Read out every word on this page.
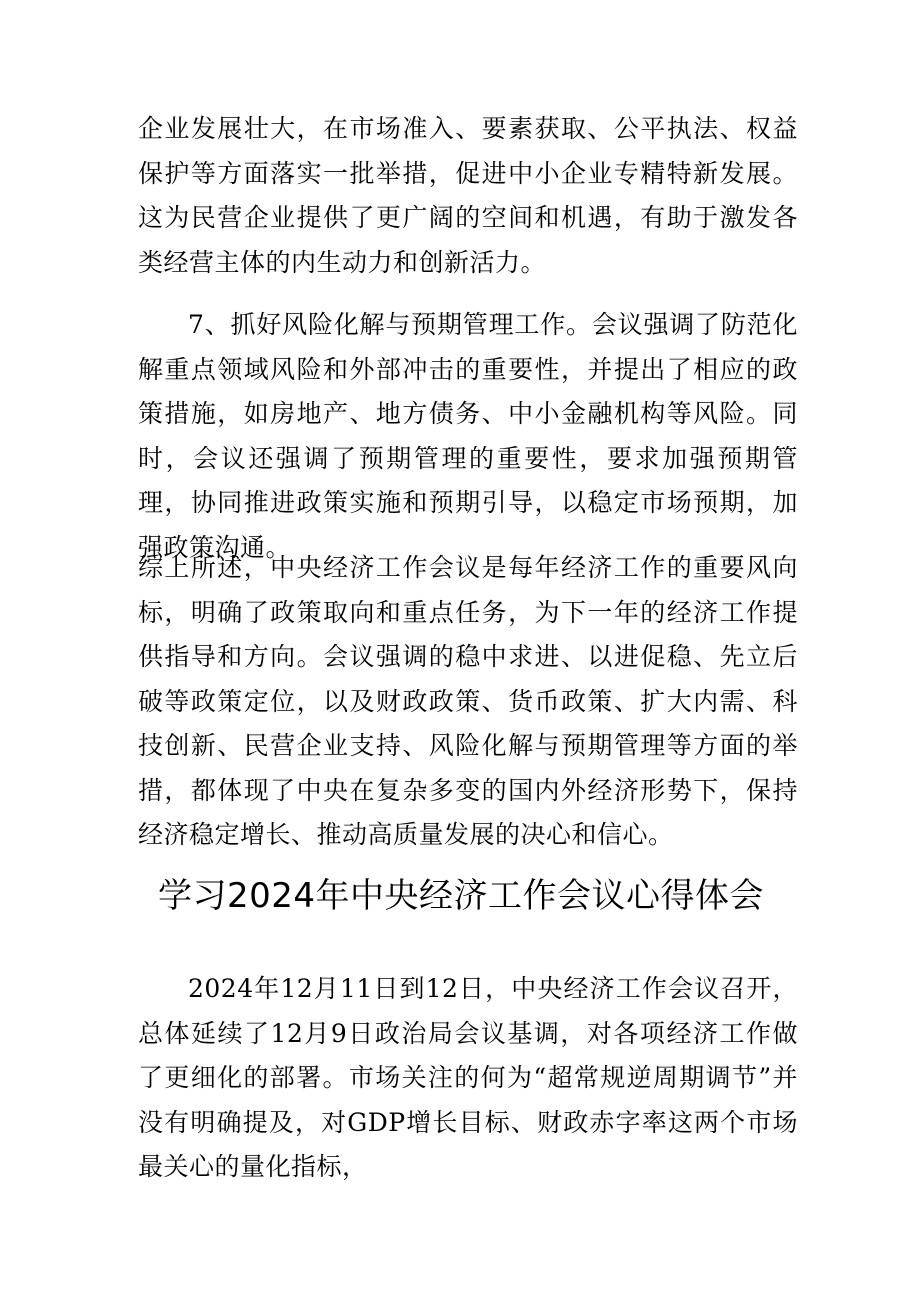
企业发展壮大，在市场准入、要素获取、公平执法、权益保护等方面落实一批举措，促进中小企业专精特新发展。这为民营企业提供了更广阔的空间和机遇，有助于激发各类经营主体的内生动力和创新活力。

7、抓好风险化解与预期管理工作。会议强调了防范化解重点领域风险和外部冲击的重要性，并提出了相应的政策措施，如房地产、地方债务、中小金融机构等风险。同时，会议还强调了预期管理的重要性，要求加强预期管理，协同推进政策实施和预期引导，以稳定市场预期，加强政策沟通。

综上所述，中央经济工作会议是每年经济工作的重要风向标，明确了政策取向和重点任务，为下一年的经济工作提供指导和方向。会议强调的稳中求进、以进促稳、先立后破等政策定位，以及财政政策、货币政策、扩大内需、科技创新、民营企业支持、风险化解与预期管理等方面的举措，都体现了中央在复杂多变的国内外经济形势下，保持经济稳定增长、推动高质量发展的决心和信心。

学习2024年中央经济工作会议心得体会

2024年12月11日到12日，中央经济工作会议召开，总体延续了12月9日政治局会议基调，对各项经济工作做了更细化的部署。市场关注的何为“超常规逆周期调节”并没有明确提及，对GDP增长目标、财政赤字率这两个市场最关心的量化指标，
